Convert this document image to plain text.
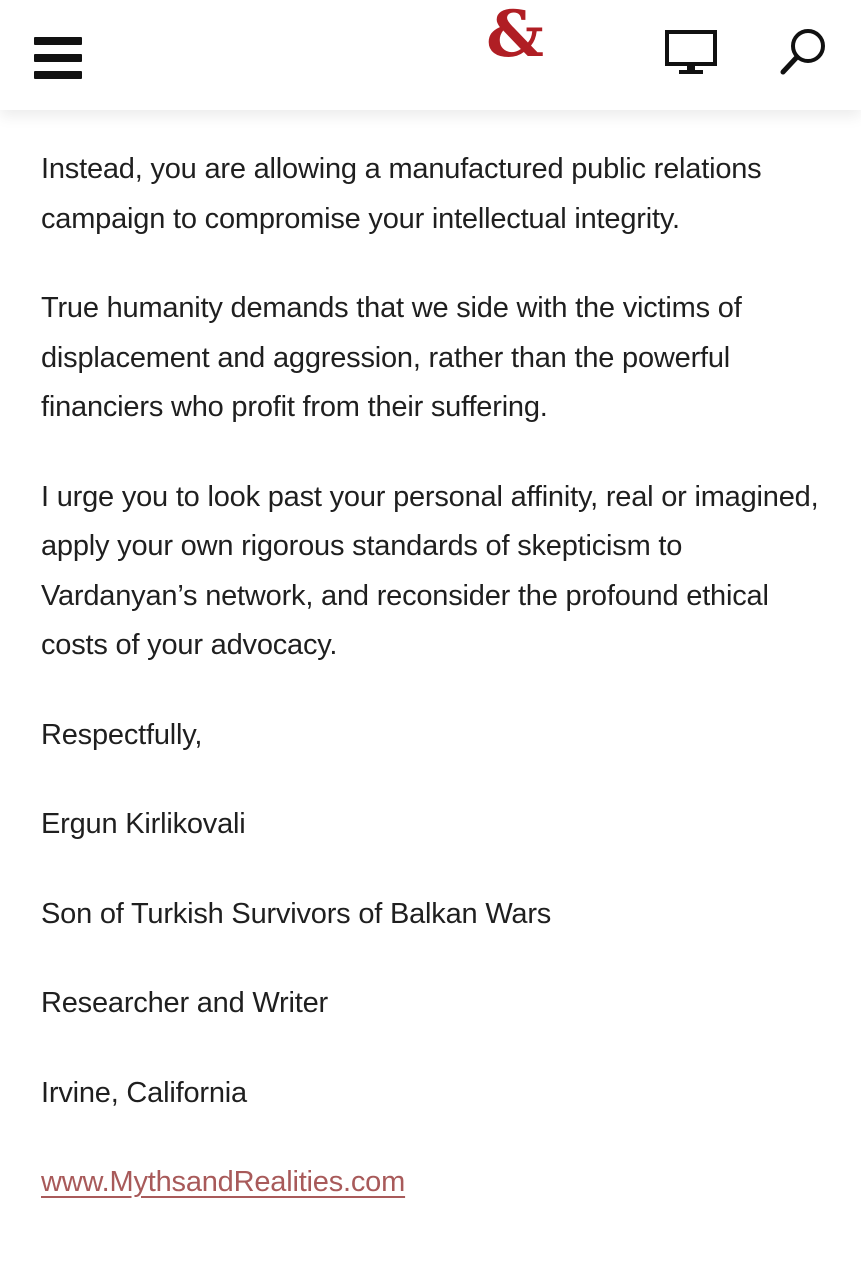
&

Instead, you are allowing a manufactured public relations campaign to compromise your intellectual integrity.

True humanity demands that we side with the victims of displacement and aggression, rather than the powerful financiers who profit from their suffering.

I urge you to look past your personal affinity, real or imagined, apply your own rigorous standards of skepticism to Vardanyan’s network, and reconsider the profound ethical costs of your advocacy.

Respectfully,

Ergun Kirlikovali

Son of Turkish Survivors of Balkan Wars

Researcher and Writer

Irvine, California

www.MythsandRealities.com
